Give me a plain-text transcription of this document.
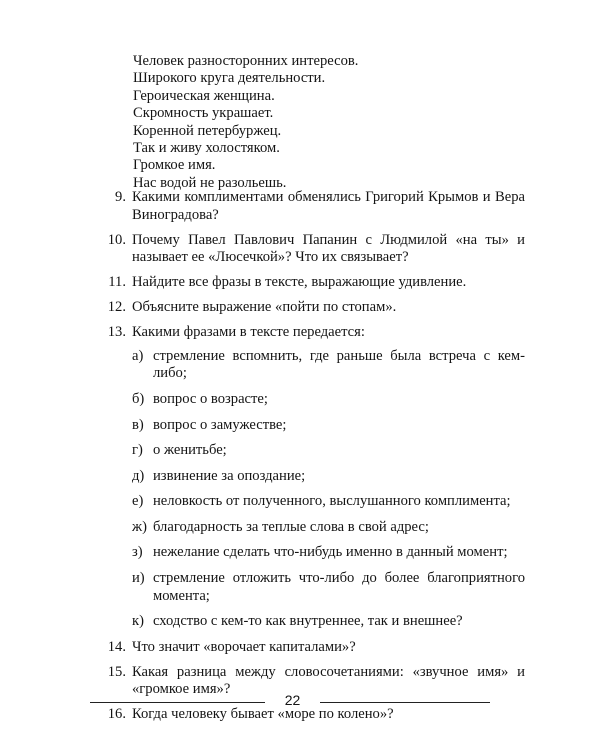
Человек разносторонних интересов.
Широкого круга деятельности.
Героическая женщина.
Скромность украшает.
Коренной петербуржец.
Так и живу холостяком.
Громкое имя.
Нас водой не разольешь.
9. Какими комплиментами обменялись Григорий Крымов и Вера Виноградова?
10. Почему Павел Павлович Папанин с Людмилой «на ты» и называет ее «Люсечкой»? Что их связывает?
11. Найдите все фразы в тексте, выражающие удивление.
12. Объясните выражение «пойти по стопам».
13. Какими фразами в тексте передается:
а) стремление вспомнить, где раньше была встреча с кем-либо;
б) вопрос о возрасте;
в) вопрос о замужестве;
г) о женитьбе;
д) извинение за опоздание;
е) неловкость от полученного, выслушанного комплимента;
ж) благодарность за теплые слова в свой адрес;
з) нежелание сделать что-нибудь именно в данный момент;
и) стремление отложить что-либо до более благоприятного момента;
к) сходство с кем-то как внутреннее, так и внешнее?
14. Что значит «ворочает капиталами»?
15. Какая разница между словосочетаниями: «звучное имя» и «громкое имя»?
16. Когда человеку бывает «море по колено»?
22
